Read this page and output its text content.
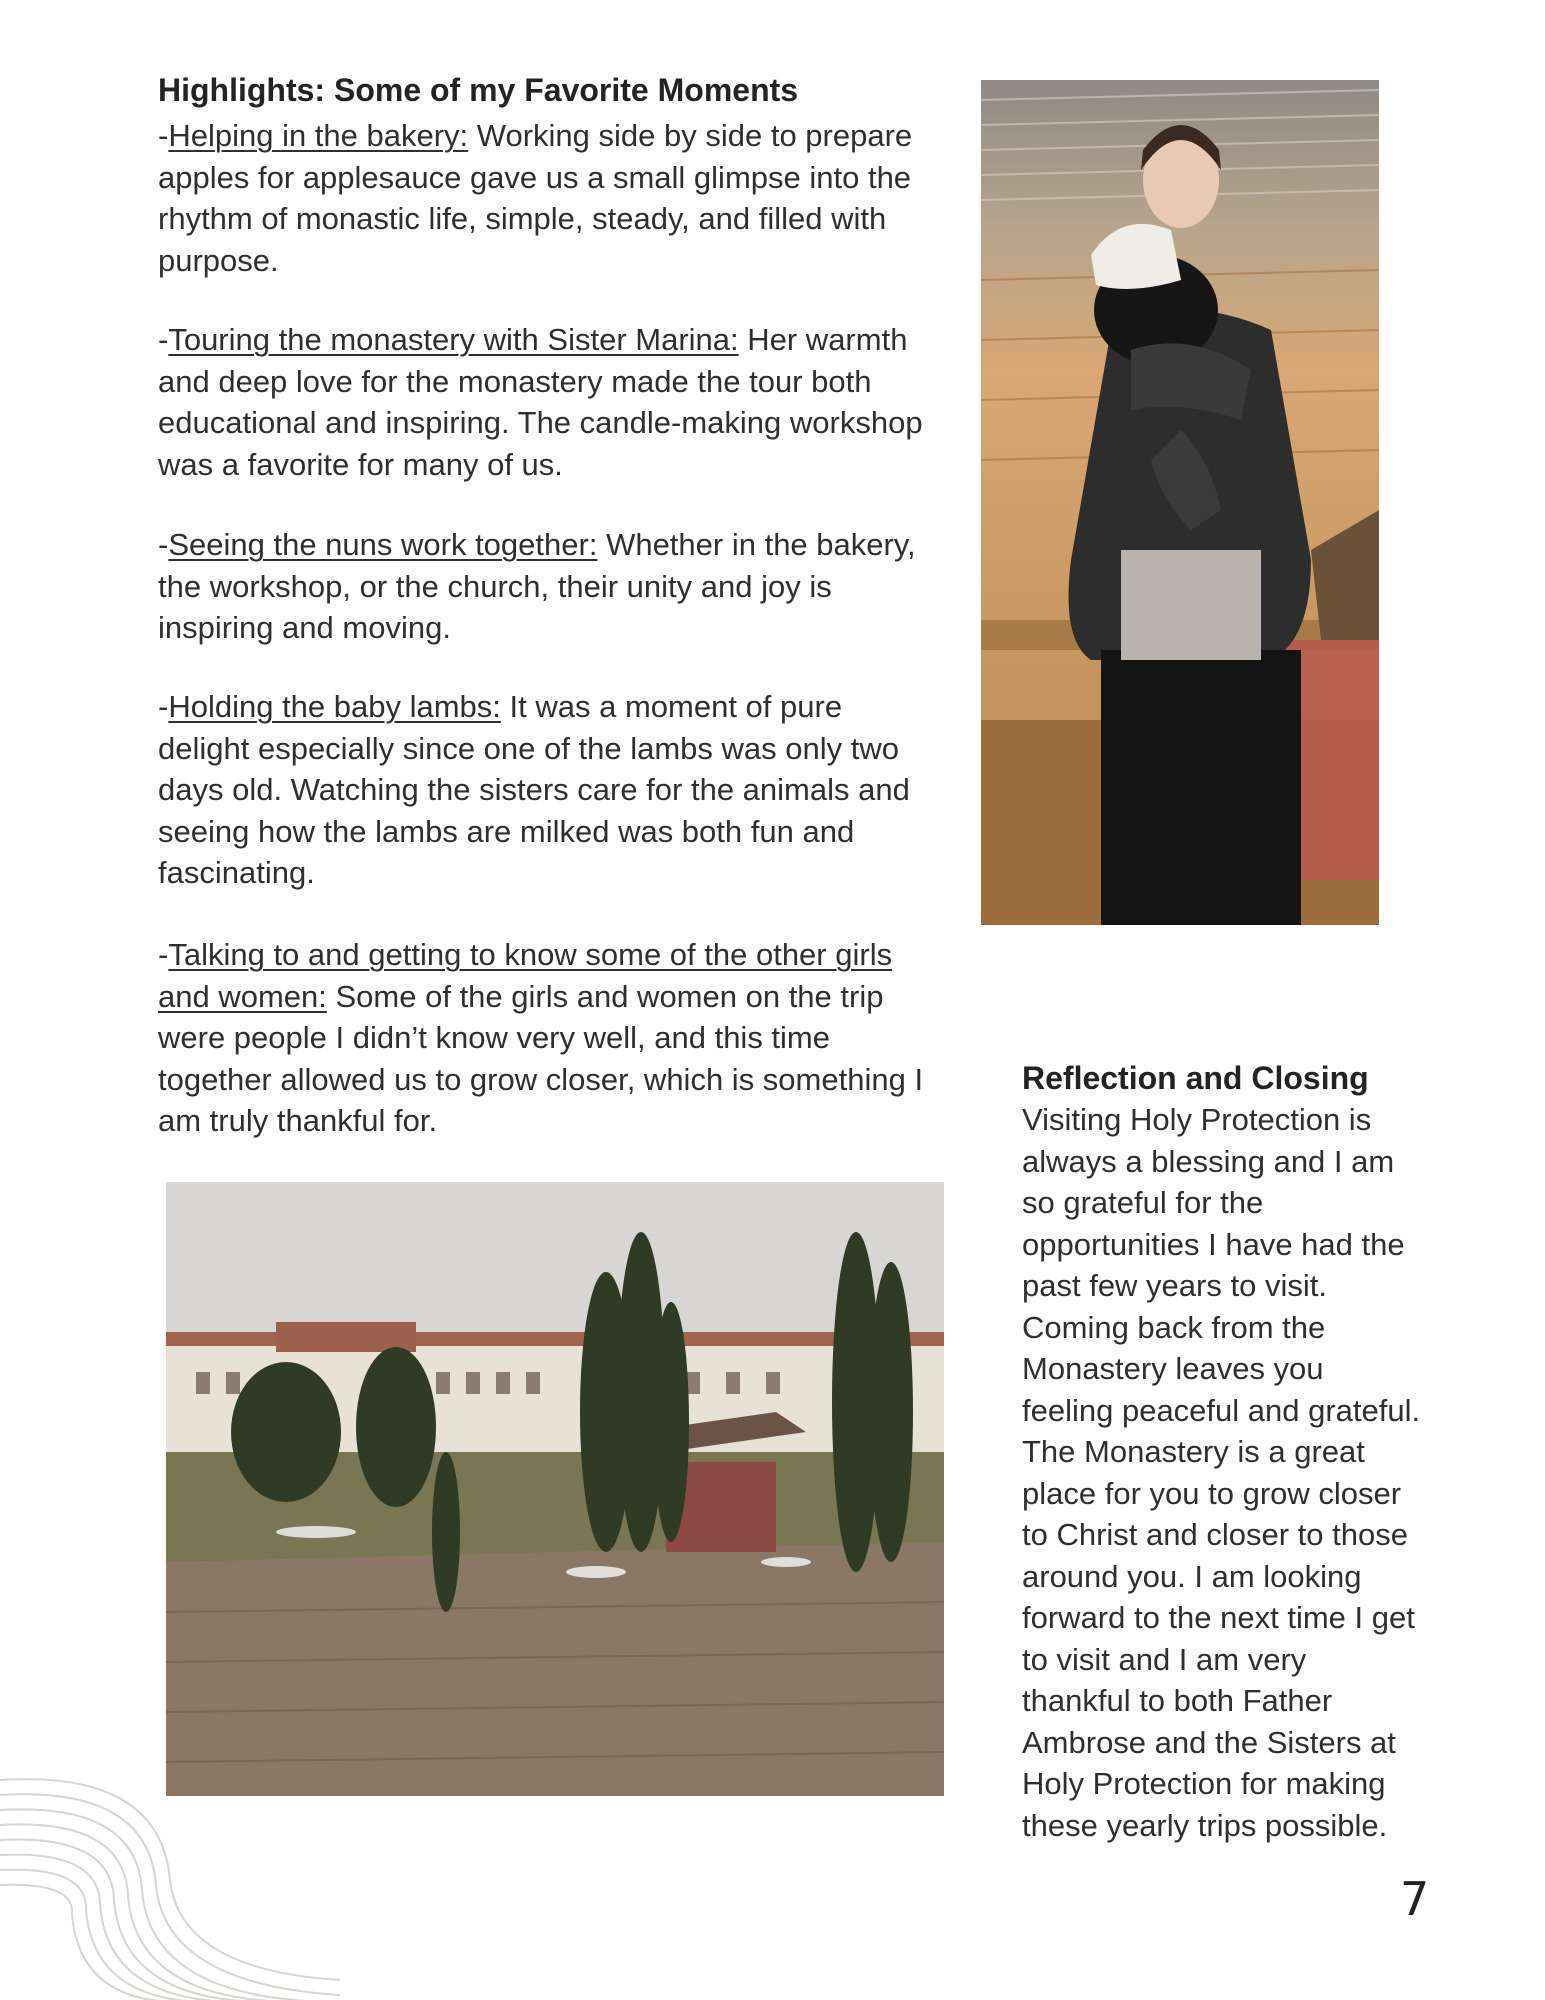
Highlights: Some of my Favorite Moments

-Helping in the bakery: Working side by side to prepare apples for applesauce gave us a small glimpse into the rhythm of monastic life, simple, steady, and filled with purpose.

-Touring the monastery with Sister Marina: Her warmth and deep love for the monastery made the tour both educational and inspiring. The candle-making workshop was a favorite for many of us.

-Seeing the nuns work together: Whether in the bakery, the workshop, or the church, their unity and joy is inspiring and moving.

-Holding the baby lambs: It was a moment of pure delight especially since one of the lambs was only two days old. Watching the sisters care for the animals and seeing how the lambs are milked was both fun and fascinating.

-Talking to and getting to know some of the other girls and women: Some of the girls and women on the trip were people I didn’t know very well, and this time together allowed us to grow closer, which is something I am truly thankful for.

Reflection and Closing

Visiting Holy Protection is always a blessing and I am so grateful for the opportunities I have had the past few years to visit. Coming back from the Monastery leaves you feeling peaceful and grateful. The Monastery is a great place for you to grow closer to Christ and closer to those around you. I am looking forward to the next time I get to visit and I am very thankful to both Father Ambrose and the Sisters at Holy Protection for making these yearly trips possible.

7
